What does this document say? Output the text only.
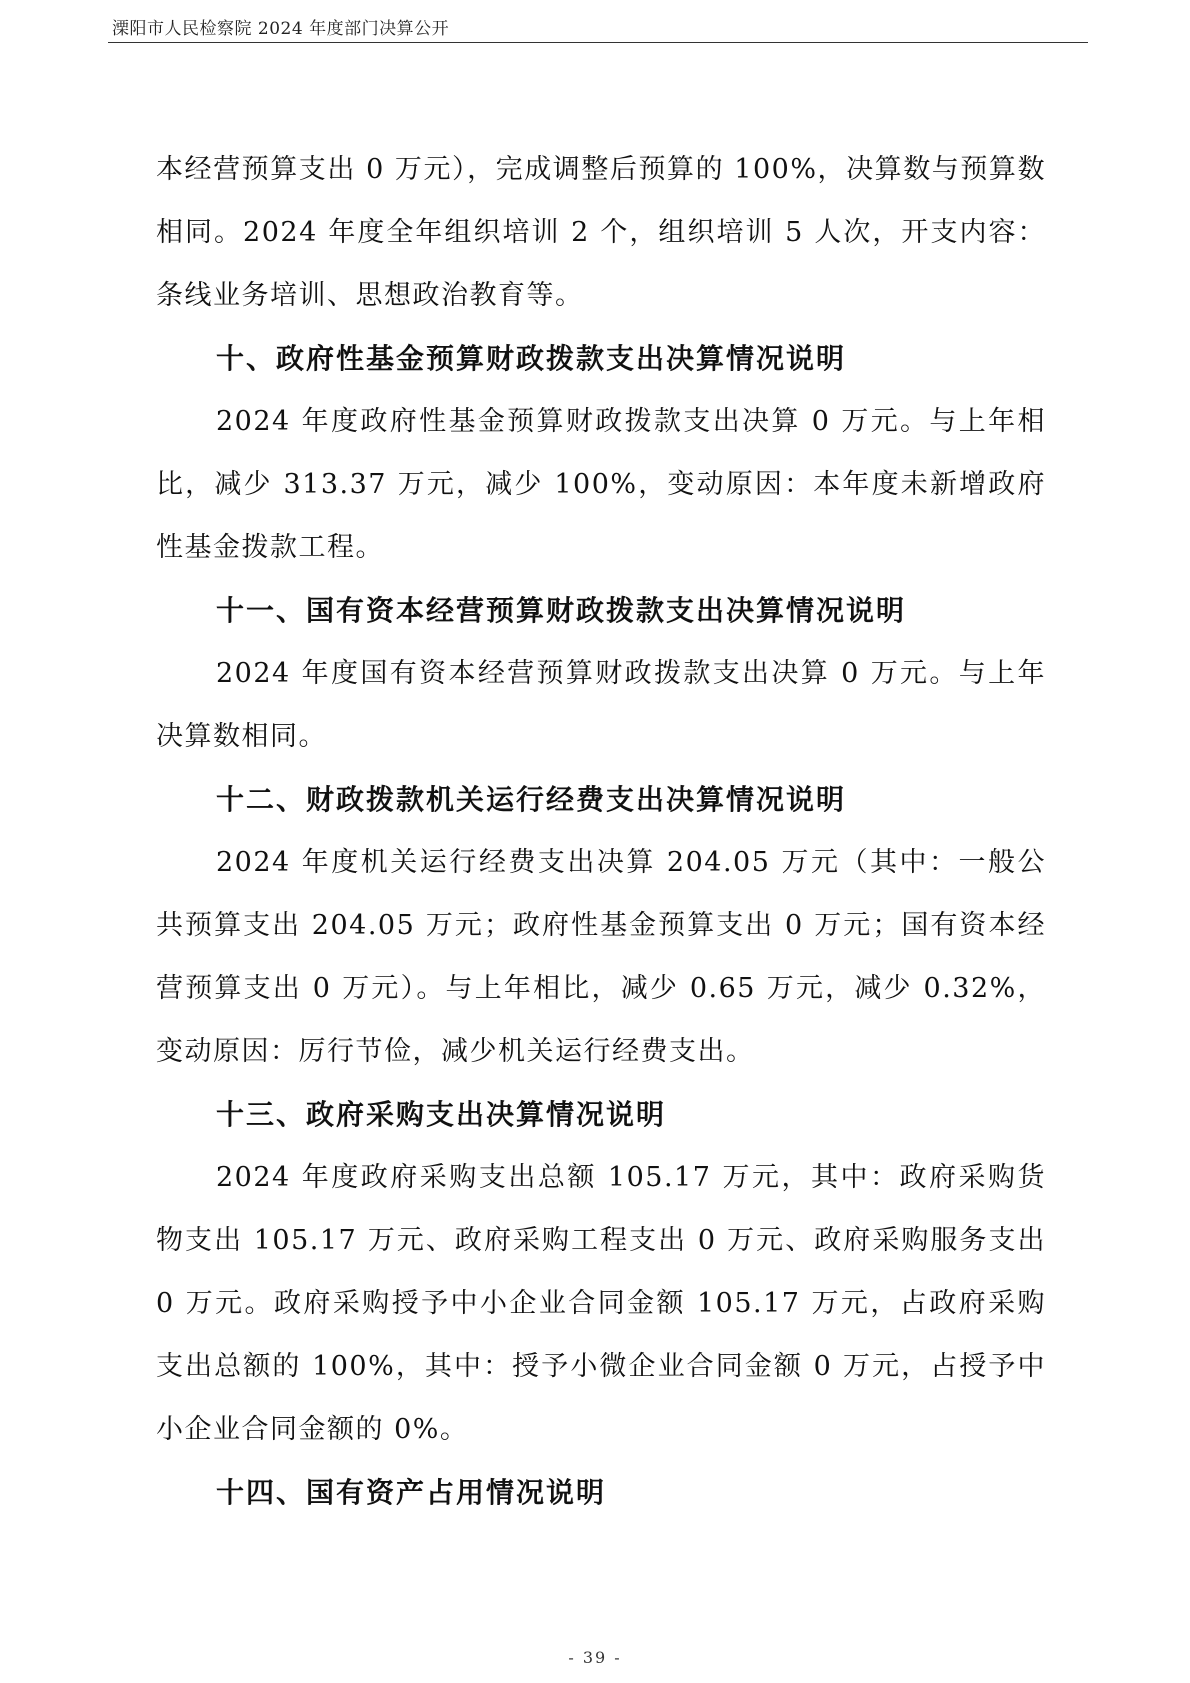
溧阳市人民检察院 2024 年度部门决算公开

本经营预算支出 0 万元），完成调整后预算的 100%，决算数与预算数相同。2024 年度全年组织培训 2 个，组织培训 5 人次，开支内容：条线业务培训、思想政治教育等。

十、政府性基金预算财政拨款支出决算情况说明

2024 年度政府性基金预算财政拨款支出决算 0 万元。与上年相比，减少 313.37 万元，减少 100%，变动原因：本年度未新增政府性基金拨款工程。

十一、国有资本经营预算财政拨款支出决算情况说明

2024 年度国有资本经营预算财政拨款支出决算 0 万元。与上年决算数相同。

十二、财政拨款机关运行经费支出决算情况说明

2024 年度机关运行经费支出决算 204.05 万元（其中：一般公共预算支出 204.05 万元；政府性基金预算支出 0 万元；国有资本经营预算支出 0 万元）。与上年相比，减少 0.65 万元，减少 0.32%，变动原因：厉行节俭，减少机关运行经费支出。

十三、政府采购支出决算情况说明

2024 年度政府采购支出总额 105.17 万元，其中：政府采购货物支出 105.17 万元、政府采购工程支出 0 万元、政府采购服务支出 0 万元。政府采购授予中小企业合同金额 105.17 万元，占政府采购支出总额的 100%，其中：授予小微企业合同金额 0 万元，占授予中小企业合同金额的 0%。

十四、国有资产占用情况说明
- 39 -
